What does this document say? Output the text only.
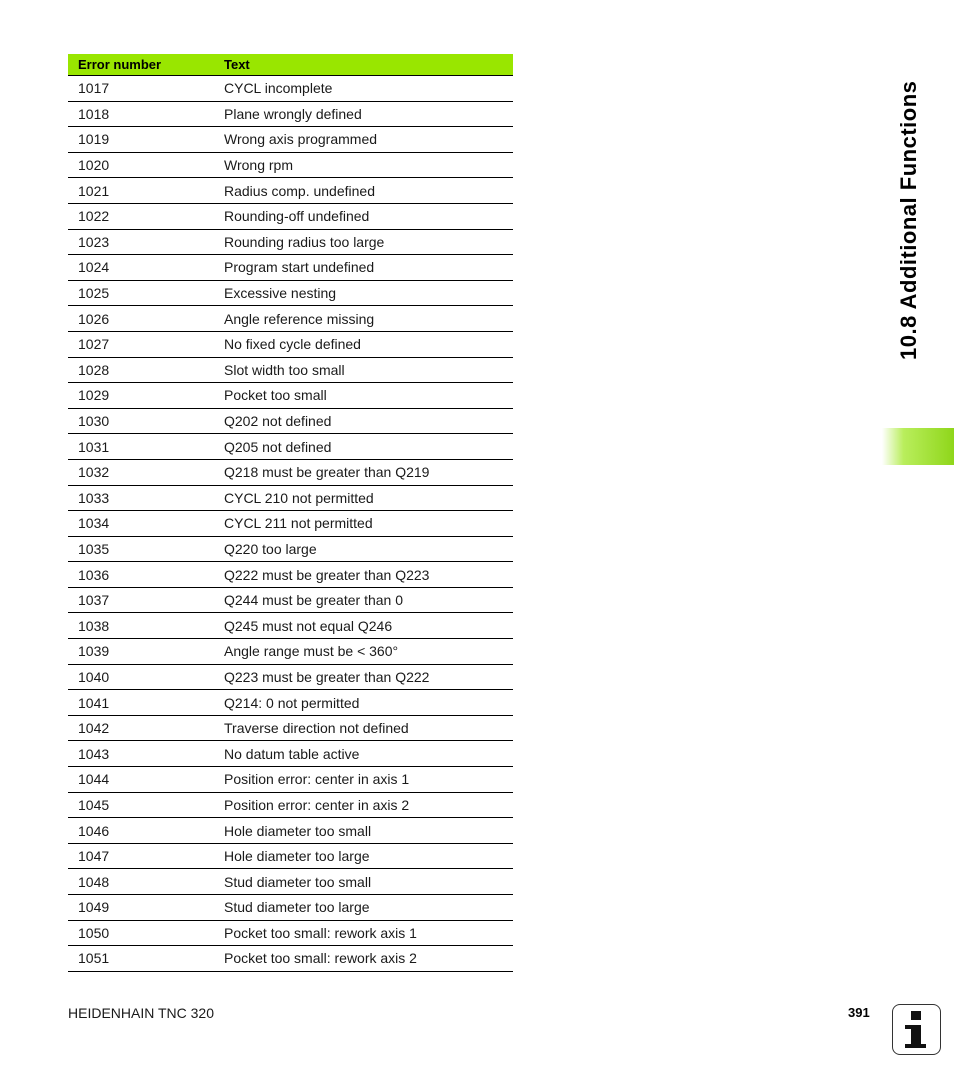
Error number	Text
1017	CYCL incomplete
1018	Plane wrongly defined
1019	Wrong axis programmed
1020	Wrong rpm
1021	Radius comp. undefined
1022	Rounding-off undefined
1023	Rounding radius too large
1024	Program start undefined
1025	Excessive nesting
1026	Angle reference missing
1027	No fixed cycle defined
1028	Slot width too small
1029	Pocket too small
1030	Q202 not defined
1031	Q205 not defined
1032	Q218 must be greater than Q219
1033	CYCL 210 not permitted
1034	CYCL 211 not permitted
1035	Q220 too large
1036	Q222 must be greater than Q223
1037	Q244 must be greater than 0
1038	Q245 must not equal Q246
1039	Angle range must be < 360°
1040	Q223 must be greater than Q222
1041	Q214: 0 not permitted
1042	Traverse direction not defined
1043	No datum table active
1044	Position error: center in axis 1
1045	Position error: center in axis 2
1046	Hole diameter too small
1047	Hole diameter too large
1048	Stud diameter too small
1049	Stud diameter too large
1050	Pocket too small: rework axis 1
1051	Pocket too small: rework axis 2
10.8 Additional Functions
HEIDENHAIN TNC 320	391
